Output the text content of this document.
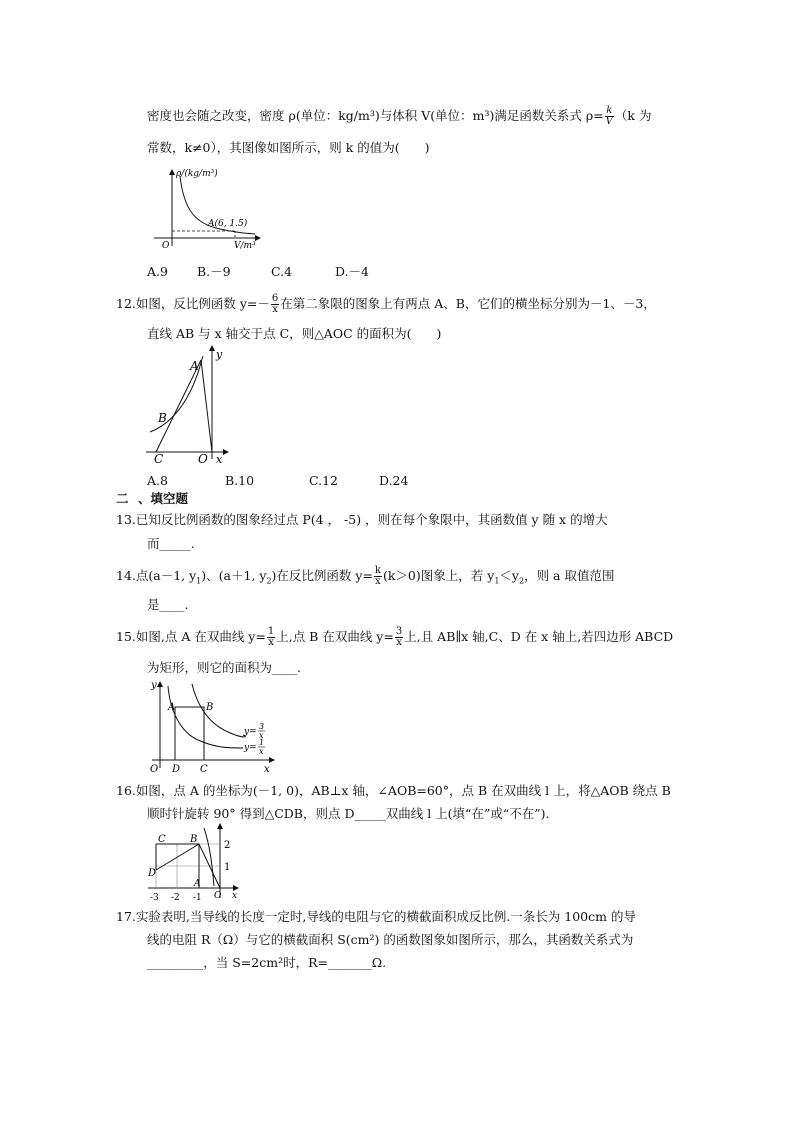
密度也会随之改变，密度 ρ(单位：kg/m³)与体积 V(单位：m³)满足函数关系式 $\rho= \frac{k}{V} (k$ 为
常数，k≠0），其图像如图所示，则 k 的值为(　　)
ρ/(kg/m³)
A(6, 1.5)
O	V/m³
A.9 B.－9	C.4	D.－4
12.如图，反比例函数 $y=- \frac{6}{x}$ 在第二象限的图象上有两点 A、B，它们的横坐标分别为－1、－3，
直线 AB 与 x 轴交于点 C，则△AOC 的面积为(　　)
A
B
C	O x
y
A.8	B.10	C.12	D.24
二 、填空题
13.已知反比例函数的图象经过点 P(4 ， -5) ，则在每个象限中，其函数值 y 随 x 的增大
而_____.
14.点(a－1, $y_1$)、(a＋1, $y_2$)在反比例函数 $y= \frac{k}{x} (k>0)$图象上，若 $y_1<y_2$，则 a 取值范围
是____.
15.如图,点 A 在双曲线 $y= \frac{1}{x}$ 上,点 B 在双曲线 $y= \frac{3}{x}$ 上,且 AB∥x 轴,C、D 在 x 轴上,若四边形 ABCD
为矩形，则它的面积为____.
y
A	B
O D C	x
y=
3
x
y=
1
x
16.如图，点 A 的坐标为(－1, 0)，AB⊥x 轴，∠AOB=60°，点 B 在双曲线 l 上，将△AOB 绕点 B
顺时针旋转 90° 得到△CDB，则点 D_____双曲线 l 上(填“在”或“不在”).
C B
D
A
O x
-3 -2 -1
2
1
17.实验表明,当导线的长度一定时,导线的电阻与它的横截面积成反比例.一条长为 100cm 的导
线的电阻 R（Ω）与它的横截面积 S(cm²) 的函数图象如图所示，那么，其函数关系式为
_________，当 S=2cm²时，R=_______Ω.
